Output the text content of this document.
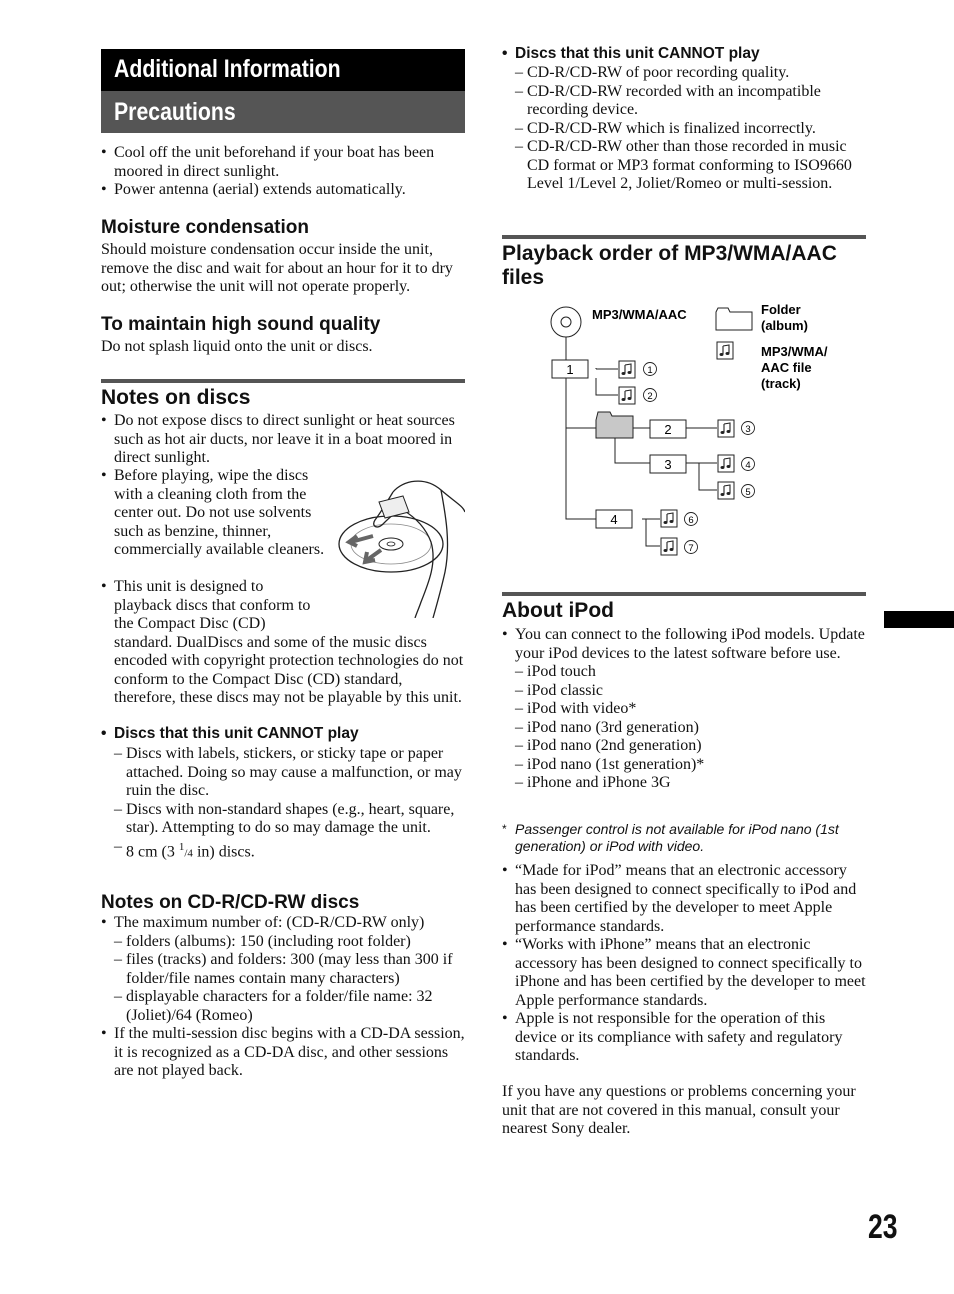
Additional Information
Precautions
• Cool off the unit beforehand if your boat has been moored in direct sunlight.
• Power antenna (aerial) extends automatically.
Moisture condensation

Should moisture condensation occur inside the unit, remove the disc and wait for about an hour for it to dry out; otherwise the unit will not operate properly.

To maintain high sound quality

Do not splash liquid onto the unit or discs.

Notes on discs
• Do not expose discs to direct sunlight or heat sources such as hot air ducts, nor leave it in a boat moored in direct sunlight.
• Before playing, wipe the discs with a cleaning cloth from the center out. Do not use solvents such as benzine, thinner, commercially available cleaners.
• This unit is designed to playback discs that conform to the Compact Disc (CD) standard. DualDiscs and some of the music discs encoded with copyright protection technologies do not conform to the Compact Disc (CD) standard, therefore, these discs may not be playable by this unit.
• Discs that this unit CANNOT play
– Discs with labels, stickers, or sticky tape or paper attached. Doing so may cause a malfunction, or may ruin the disc.
– Discs with non-standard shapes (e.g., heart, square, star). Attempting to do so may damage the unit.
– 8 cm (3 $^1$/4 in) discs.
Notes on CD-R/CD-RW discs
• The maximum number of: (CD-R/CD-RW only)
– folders (albums): 150 (including root folder)
– files (tracks) and folders: 300 (may less than 300 if folder/file names contain many characters)
– displayable characters for a folder/file name: 32 (Joliet)/64 (Romeo)
• If the multi-session disc begins with a CD-DA session, it is recognized as a CD-DA disc, and other sessions are not played back.
• Discs that this unit CANNOT play
– CD-R/CD-RW of poor recording quality.
– CD-R/CD-RW recorded with an incompatible recording device.
– CD-R/CD-RW which is finalized incorrectly.
– CD-R/CD-RW other than those recorded in music CD format or MP3 format conforming to ISO9660 Level 1/Level 2, Joliet/Romeo or multi-session.
Playback order of MP3/WMA/AAC files
MP3/WMA/AAC	Folder
(album)
MP3/WMA/
AAC file
(track)
1
2
3
4
1
2
3
4
5
6
7
About iPod
• You can connect to the following iPod models. Update your iPod devices to the latest software before use.
– iPod touch
– iPod classic
– iPod with video*
– iPod nano (3rd generation)
– iPod nano (2nd generation)
– iPod nano (1st generation)*
– iPhone and iPhone 3G
* Passenger control is not available for iPod nano (1st generation) or iPod with video.
• “Made for iPod” means that an electronic accessory has been designed to connect specifically to iPod and has been certified by the developer to meet Apple performance standards.
• “Works with iPhone” means that an electronic accessory has been designed to connect specifically to iPhone and has been certified by the developer to meet Apple performance standards.
• Apple is not responsible for the operation of this device or its compliance with safety and regulatory standards.

If you have any questions or problems concerning your unit that are not covered in this manual, consult your nearest Sony dealer.

23
